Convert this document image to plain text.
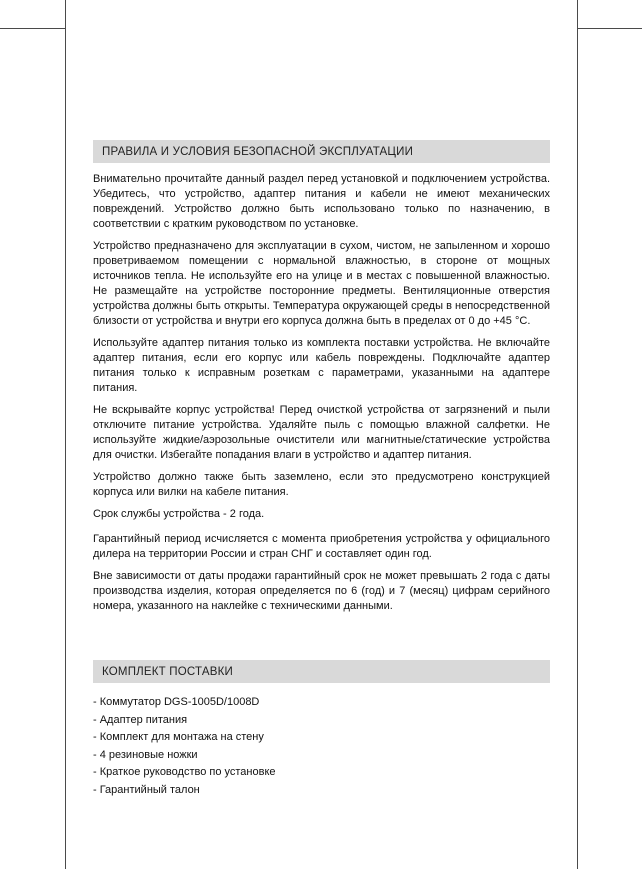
ПРАВИЛА И УСЛОВИЯ БЕЗОПАСНОЙ ЭКСПЛУАТАЦИИ

Внимательно прочитайте данный раздел перед установкой и подключением устройства. Убедитесь, что устройство, адаптер питания и кабели не имеют механических повреждений. Устройство должно быть использовано только по назначению, в соответствии с кратким руководством по установке.

Устройство предназначено для эксплуатации в сухом, чистом, не запыленном и хорошо проветриваемом помещении с нормальной влажностью, в стороне от мощных источников тепла. Не используйте его на улице и в местах с повышенной влажностью. Не размещайте на устройстве посторонние предметы. Вентиляционные отверстия устройства должны быть открыты. Температура окружающей среды в непосредственной близости от устройства и внутри его корпуса должна быть в пределах от 0 до +45 °C.

Используйте адаптер питания только из комплекта поставки устройства. Не включайте адаптер питания, если его корпус или кабель повреждены. Подключайте адаптер питания только к исправным розеткам с параметрами, указанными на адаптере питания.

Не вскрывайте корпус устройства! Перед очисткой устройства от загрязнений и пыли отключите питание устройства. Удаляйте пыль с помощью влажной салфетки. Не используйте жидкие/аэрозольные очистители или магнитные/статические устройства для очистки. Избегайте попадания влаги в устройство и адаптер питания.

Устройство должно также быть заземлено, если это предусмотрено конструкцией корпуса или вилки на кабеле питания.

Срок службы устройства - 2 года.

Гарантийный период исчисляется с момента приобретения устройства у официального дилера на территории России и стран СНГ и составляет один год.

Вне зависимости от даты продажи гарантийный срок не может превышать 2 года с даты производства изделия, которая определяется по 6 (год) и 7 (месяц) цифрам серийного номера, указанного на наклейке с техническими данными.

КОМПЛЕКТ ПОСТАВКИ
- Коммутатор DGS-1005D/1008D
- Адаптер питания
- Комплект для монтажа на стену
- 4 резиновые ножки
- Краткое руководство по установке
- Гарантийный талон
